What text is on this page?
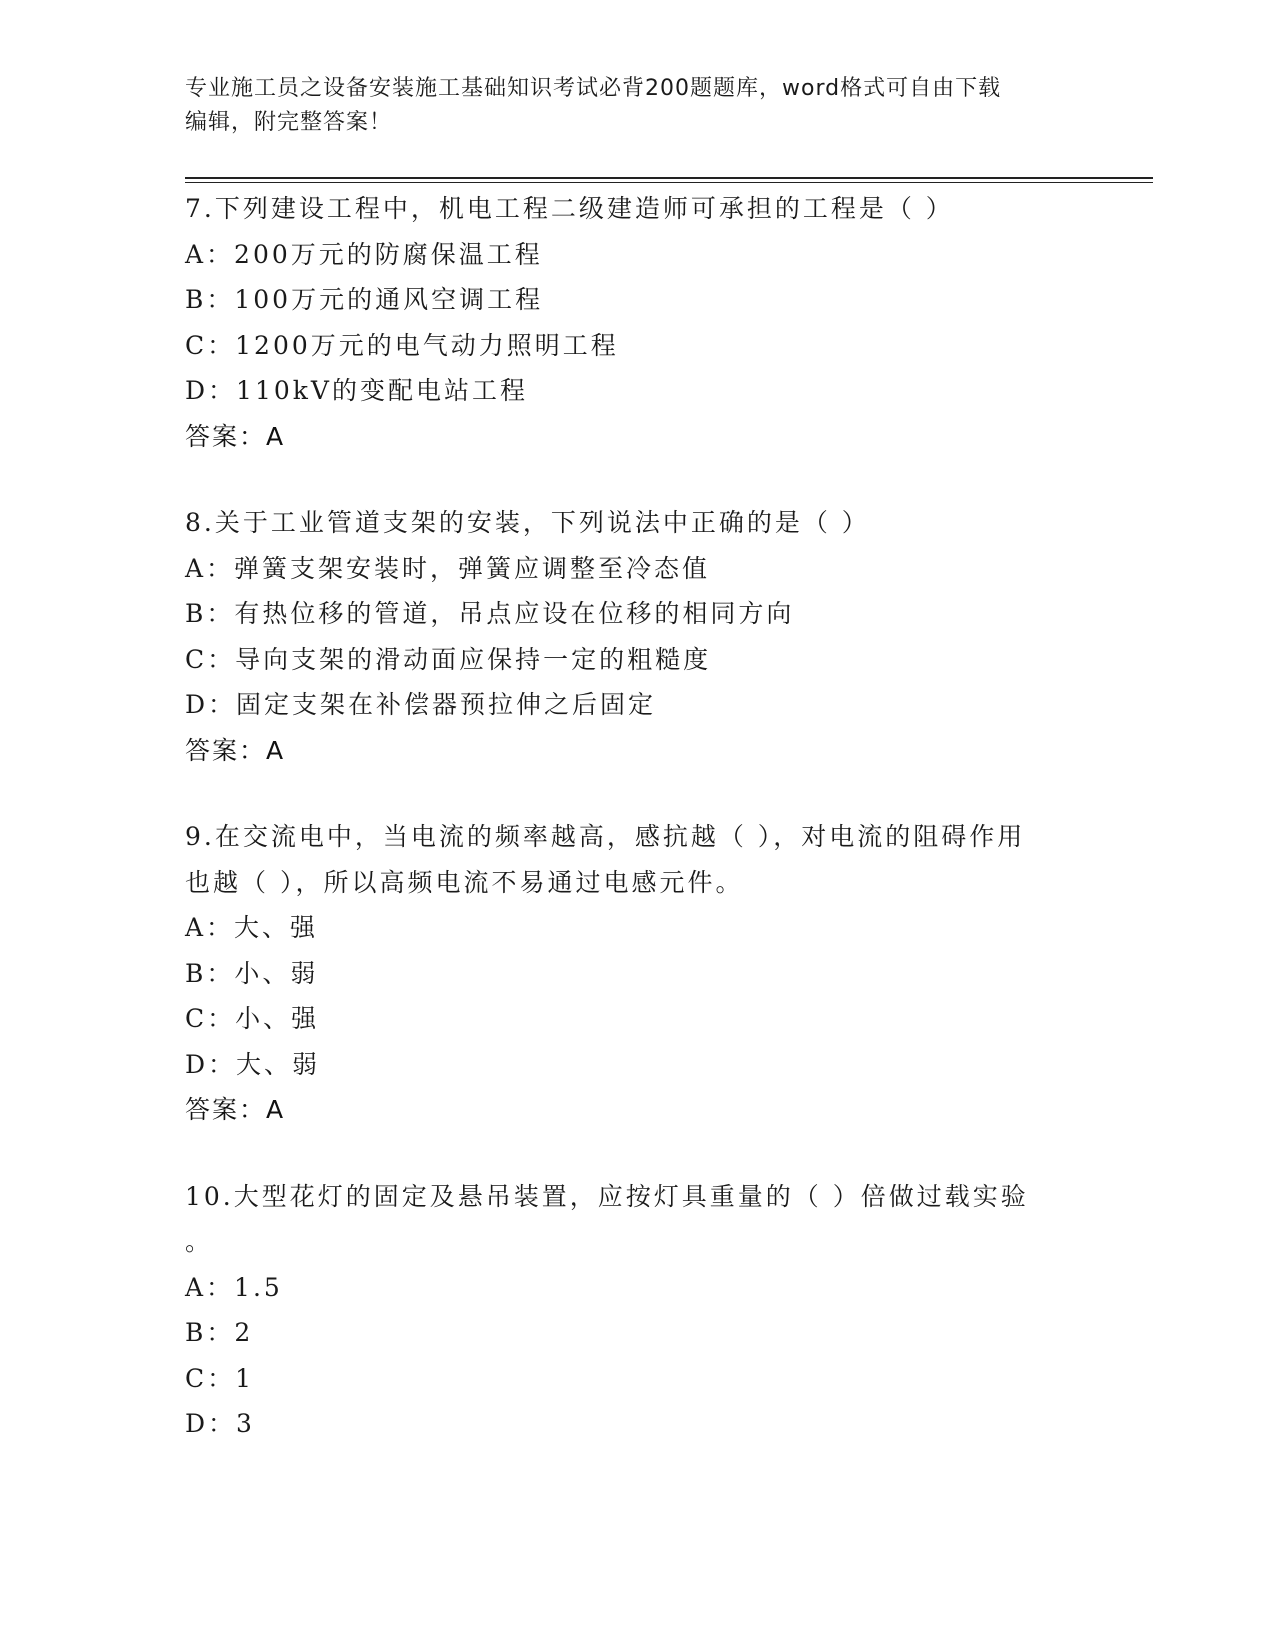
专业施工员之设备安装施工基础知识考试必背200题题库，word格式可自由下载
编辑，附完整答案！
7.下列建设工程中，机电工程二级建造师可承担的工程是（ ）
A：200万元的防腐保温工程
B：100万元的通风空调工程
C：1200万元的电气动力照明工程
D：110kV的变配电站工程
答案：A
8.关于工业管道支架的安装，下列说法中正确的是（ ）
A：弹簧支架安装时，弹簧应调整至冷态值
B：有热位移的管道，吊点应设在位移的相同方向
C：导向支架的滑动面应保持一定的粗糙度
D：固定支架在补偿器预拉伸之后固定
答案：A
9.在交流电中，当电流的频率越高，感抗越（ ），对电流的阻碍作用
也越（ ），所以高频电流不易通过电感元件。
A：大、强
B：小、弱
C：小、强
D：大、弱
答案：A
10.大型花灯的固定及悬吊装置，应按灯具重量的（ ）倍做过载实验
。
A：1.5
B：2
C：1
D：3
